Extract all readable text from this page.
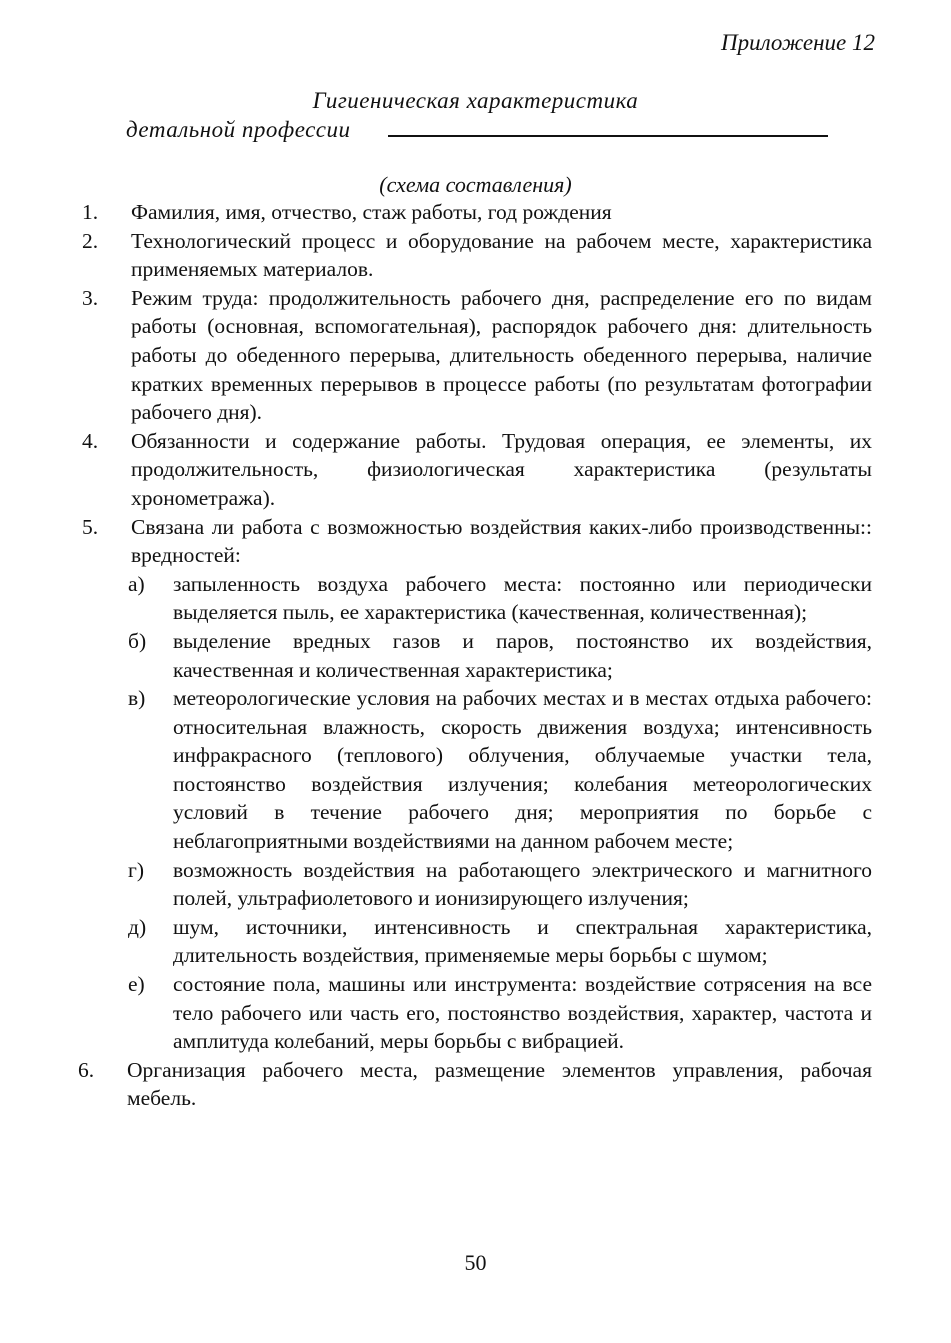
Приложение 12
Гигиеническая характеристика
детальной профессии
(схема составления)
1.	Фамилия, имя, отчество, стаж работы, год рождения
2.	Технологический процесс и оборудование на рабочем месте, характеристика применяемых материалов.
3.	Режим труда: продолжительность рабочего дня, распределение его по видам работы (основная, вспомогательная), распорядок рабочего дня: длительность работы до обеденного перерыва, длительность обеденного перерыва, наличие кратких временных перерывов в процессе работы (по результатам фотографии рабочего дня).
4.	Обязанности и содержание работы. Трудовая операция, ее элементы, их продолжительность, физиологическая характеристика (результаты хронометража).
5.	Связана ли работа с возможностью воздействия каких-либо производственны:: вредностей:
а)	запыленность воздуха рабочего места: постоянно или периодически выделяется пыль, ее характеристика (качественная, количественная);
б)	выделение вредных газов и паров, постоянство их воздействия, качественная и количественная характеристика;
в)	метеорологические условия на рабочих местах и в местах отдыха рабочего: относительная влажность, скорость движения воздуха; интенсивность инфракрасного (теплового) облучения, облучаемые участки тела, постоянство воздействия излучения; колебания метеорологических условий в течение рабочего дня; мероприятия по борьбе с неблагоприятными воздействиями на данном рабочем месте;
г)	возможность воздействия на работающего электрического и магнитного полей, ультрафиолетового и ионизирующего излучения;
д)	шум, источники, интенсивность и спектральная характеристика, длительность воздействия, применяемые меры борьбы с шумом;
е)	состояние пола, машины или инструмента: воздействие сотрясения на все тело рабочего или часть его, постоянство воздействия, характер, частота и амплитуда колебаний, меры борьбы с вибрацией.
6.	Организация рабочего места, размещение элементов управления, рабочая мебель.
50
